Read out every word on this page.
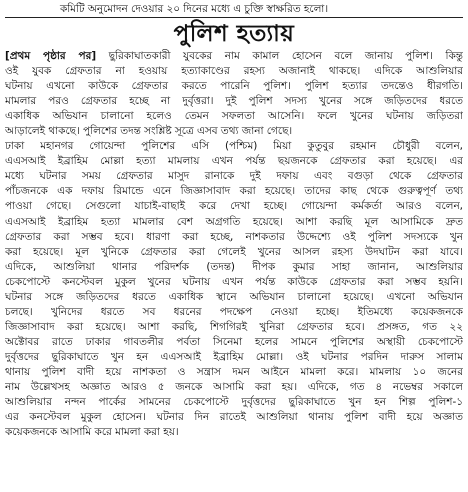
কমিটি অনুমোদন দেওয়ার ২০ দিনের মধ্যে এ চুক্তি স্বাক্ষরিত হলো।
পুলিশ হত্যায়
[প্রথম পৃষ্ঠার পর] ছুরিকাঘাতকারী যুবকের নাম কামাল হোসেন বলে জানায় পুলিশ। কিন্তু
ওই যুবক গ্রেফতার না হওয়ায় হত্যাকাণ্ডের রহস্য অজানাই থাকছে। এদিকে আশুলিয়ার
ঘটনায় এখনো কাউকে গ্রেফতার করতে পারেনি পুলিশ। পুলিশ হত্যার তদন্তেও ধীরগতি।
মামলার পরও গ্রেফতার হচ্ছে না দুর্বৃত্তরা। দুই পুলিশ সদস্য খুনের সঙ্গে জড়িতদের ধরতে
একাধিক অভিযান চালানো হলেও তেমন সফলতা আসেনি। ফলে খুনের ঘটনায় জড়িতরা
আড়ালেই থাকছে। পুলিশের তদন্ত সংশ্লিষ্ট সূত্রে এসব তথ্য জানা গেছে।
ঢাকা মহানগর গোয়েন্দা পুলিশের এসি (পশ্চিম) মিয়া কুতুবুর রহমান চৌধুরী বলেন,
এএসআই ইব্রাহিম মোল্লা হত্যা মামলায় এখন পর্যন্ত ছয়জনকে গ্রেফতার করা হয়েছে। এর
মধ্যে ঘটনার সময় গ্রেফতার মাসুদ রানাকে দুই দফায় এবং বগুড়া থেকে গ্রেফতার
পাঁচজনকে এক দফায় রিমান্ডে এনে জিজ্ঞাসাবাদ করা হয়েছে। তাদের কাছ থেকে গুরুত্বপূর্ণ তথ্য
পাওয়া গেছে। সেগুলো যাচাই-বাছাই করে দেখা হচ্ছে। গোয়েন্দা কর্মকর্তা আরও বলেন,
এএসআই ইব্রাহিম হত্যা মামলার বেশ অগ্রগতি হয়েছে। আশা করছি মূল আসামিকে দ্রুত
গ্রেফতার করা সম্ভব হবে। ধারণা করা হচ্ছে, নাশকতার উদ্দেশ্যে ওই পুলিশ সদস্যকে খুন
করা হয়েছে। মূল খুনিকে গ্রেফতার করা গেলেই খুনের আসল রহস্য উদঘাটন করা যাবে।
এদিকে, আশুলিয়া থানার পরিদর্শক (তদন্ত) দীপক কুমার সাহা জানান, আশুলিয়ার
চেকপোস্টে কনস্টেবল মুকুল খুনের ঘটনায় এখন পর্যন্ত কাউকে গ্রেফতার করা সম্ভব হয়নি।
ঘটনার সঙ্গে জড়িতদের ধরতে একাধিক স্থানে অভিযান চালানো হয়েছে। এখনো অভিযান
চলছে। খুনিদের ধরতে সব ধরনের পদক্ষেপ নেওয়া হচ্ছে। ইতিমধ্যে কয়েকজনকে
জিজ্ঞাসাবাদ করা হয়েছে। আশা করছি, শিগগিরই খুনিরা গ্রেফতার হবে। প্রসঙ্গত, গত ২২
অক্টোবর রাতে ঢাকার গাবতলীর পর্বতা সিনেমা হলের সামনে পুলিশের অস্থায়ী চেকপোস্টে
দুর্বৃত্তদের ছুরিকাঘাতে খুন হন এএসআই ইব্রাহিম মোল্লা। ওই ঘটনার পরদিন দারুস সালাম
থানায় পুলিশ বাদী হয়ে নাশকতা ও সন্ত্রাস দমন আইনে মামলা করে। মামলায় ১০ জনের
নাম উল্লেখসহ অজ্ঞাত আরও ৫ জনকে আসামি করা হয়। এদিকে, গত ৪ নভেম্বর সকালে
আশুলিয়ার নন্দন পার্কের সামনের চেকপোস্টে দুর্বৃত্তদের ছুরিকাঘাতে খুন হন শিল্প পুলিশ-১
এর কনস্টেবল মুকুল হোসেন। ঘটনার দিন রাতেই আশুলিয়া থানায় পুলিশ বাদী হয়ে অজ্ঞাত
কয়েকজনকে আসামি করে মামলা করা হয়।
